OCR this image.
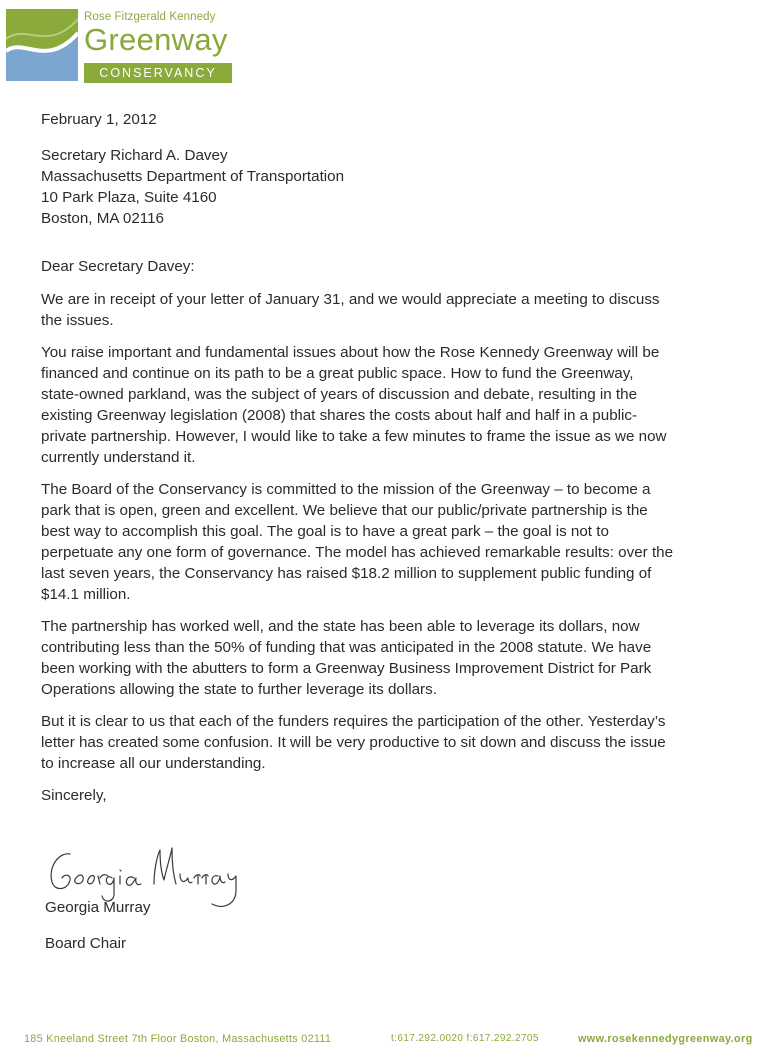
Rose Fitzgerald Kennedy
Greenway
CONSERVANCY
February 1, 2012
Secretary Richard A. Davey
Massachusetts Department of Transportation
10 Park Plaza, Suite 4160
Boston, MA 02116
Dear Secretary Davey:
We are in receipt of your letter of January 31, and we would appreciate a meeting to discuss
the issues.
You raise important and fundamental issues about how the Rose Kennedy Greenway will be
financed and continue on its path to be a great public space. How to fund the Greenway,
state-owned parkland, was the subject of years of discussion and debate, resulting in the
existing Greenway legislation (2008) that shares the costs about half and half in a public-
private partnership. However, I would like to take a few minutes to frame the issue as we now
currently understand it.
The Board of the Conservancy is committed to the mission of the Greenway – to become a
park that is open, green and excellent. We believe that our public/private partnership is the
best way to accomplish this goal. The goal is to have a great park – the goal is not to
perpetuate any one form of governance. The model has achieved remarkable results: over the
last seven years, the Conservancy has raised $18.2 million to supplement public funding of
$14.1 million.
The partnership has worked well, and the state has been able to leverage its dollars, now
contributing less than the 50% of funding that was anticipated in the 2008 statute. We have
been working with the abutters to form a Greenway Business Improvement District for Park
Operations allowing the state to further leverage its dollars.
But it is clear to us that each of the funders requires the participation of the other. Yesterday’s
letter has created some confusion. It will be very productive to sit down and discuss the issue
to increase all our understanding.
Sincerely,
Georgia Murray
Board Chair
185 Kneeland Street 7th Floor Boston, Massachusetts 02111	t:617.292.0020 f:617.292.2705	www.rosekennedygreenway.org
